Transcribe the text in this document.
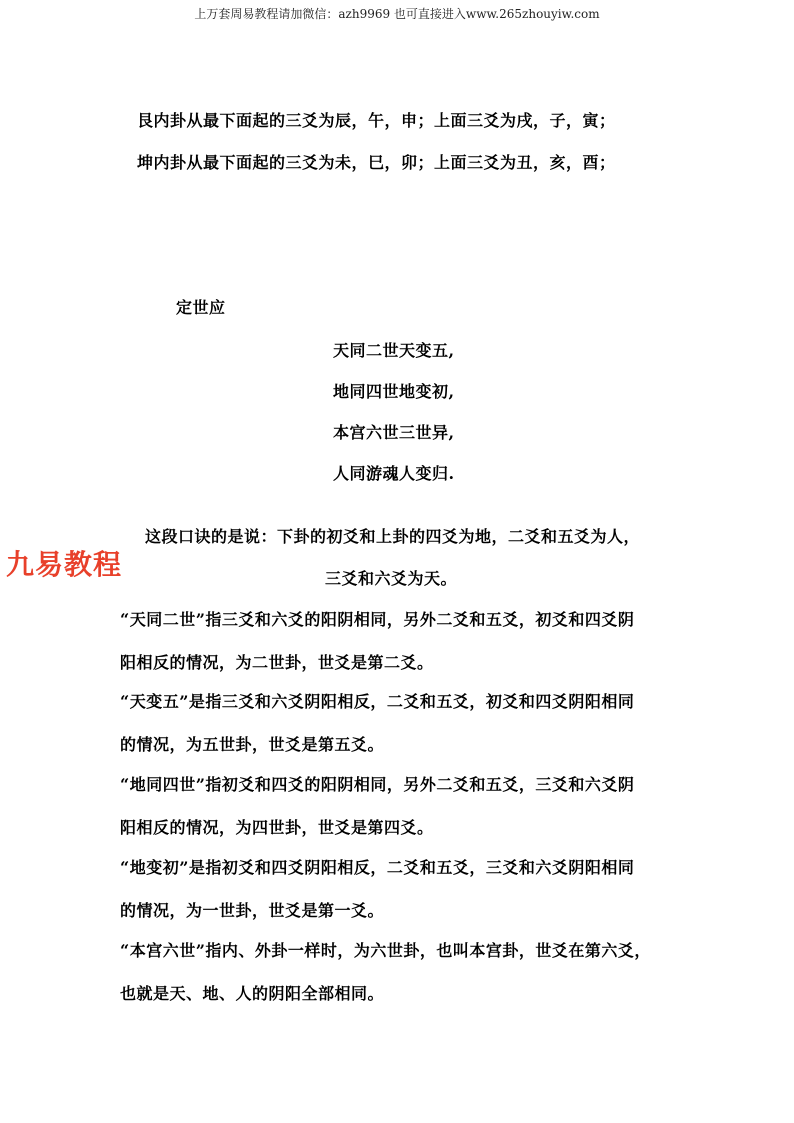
上万套周易教程请加微信：azh9969 也可直接进入www.265zhouyiw.com
艮内卦从最下面起的三爻为辰，午，申；上面三爻为戌，子，寅；
坤内卦从最下面起的三爻为未，巳，卯；上面三爻为丑，亥，酉；
定世应
天同二世天变五,
地同四世地变初,
本宫六世三世异,
人同游魂人变归.
这段口诀的是说：下卦的初爻和上卦的四爻为地，二爻和五爻为人，
三爻和六爻为天。
九易教程
“天同二世”指三爻和六爻的阳阴相同，另外二爻和五爻，初爻和四爻阴
阳相反的情况，为二世卦，世爻是第二爻。
“天变五”是指三爻和六爻阴阳相反，二爻和五爻，初爻和四爻阴阳相同
的情况，为五世卦，世爻是第五爻。
“地同四世”指初爻和四爻的阳阴相同，另外二爻和五爻，三爻和六爻阴
阳相反的情况，为四世卦，世爻是第四爻。
“地变初”是指初爻和四爻阴阳相反，二爻和五爻，三爻和六爻阴阳相同
的情况，为一世卦，世爻是第一爻。
“本宫六世”指内、外卦一样时，为六世卦，也叫本宫卦，世爻在第六爻，
也就是天、地、人的阴阳全部相同。
